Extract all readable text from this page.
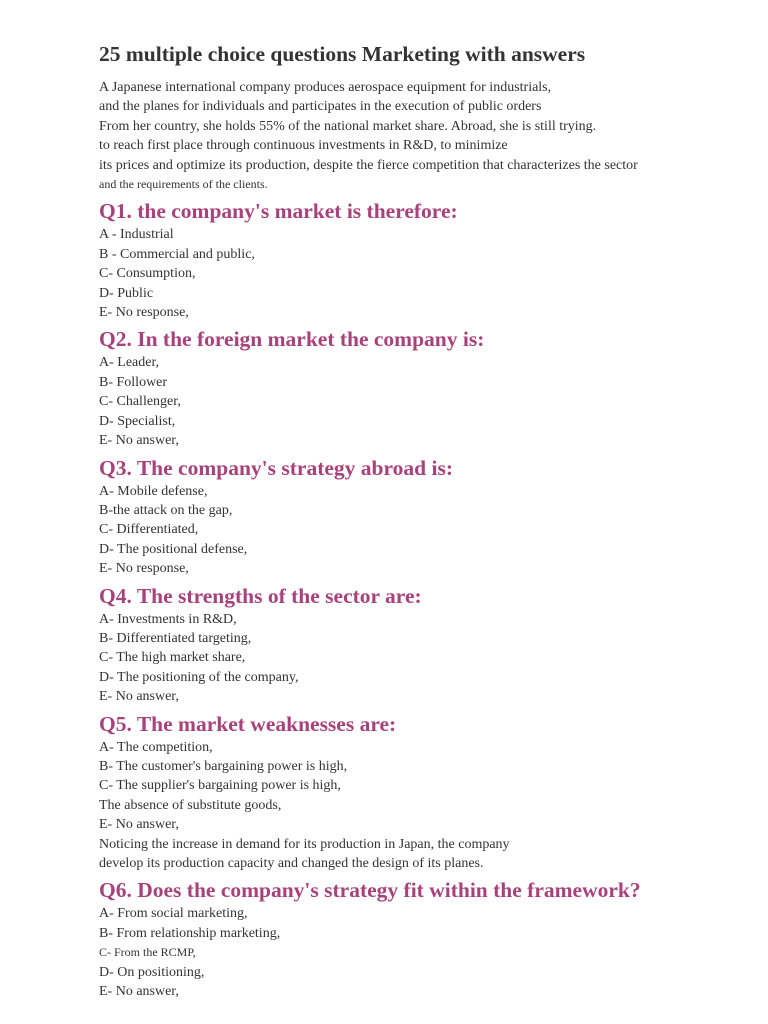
25 multiple choice questions Marketing with answers
A Japanese international company produces aerospace equipment for industrials,
and the planes for individuals and participates in the execution of public orders
From her country, she holds 55% of the national market share. Abroad, she is still trying.
to reach first place through continuous investments in R&D, to minimize
its prices and optimize its production, despite the fierce competition that characterizes the sector
and the requirements of the clients.
Q1. the company's market is therefore:
A - Industrial
B - Commercial and public,
C- Consumption,
D- Public
E- No response,
Q2. In the foreign market the company is:
A- Leader,
B- Follower
C- Challenger,
D- Specialist,
E- No answer,
Q3. The company's strategy abroad is:
A- Mobile defense,
B-the attack on the gap,
C- Differentiated,
D- The positional defense,
E- No response,
Q4. The strengths of the sector are:
A- Investments in R&D,
B- Differentiated targeting,
C- The high market share,
D- The positioning of the company,
E- No answer,
Q5. The market weaknesses are:
A- The competition,
B- The customer's bargaining power is high,
C- The supplier's bargaining power is high,
The absence of substitute goods,
E- No answer,
Noticing the increase in demand for its production in Japan, the company
develop its production capacity and changed the design of its planes.
Q6. Does the company's strategy fit within the framework?
A- From social marketing,
B- From relationship marketing,
C- From the RCMP,
D- On positioning,
E- No answer,
